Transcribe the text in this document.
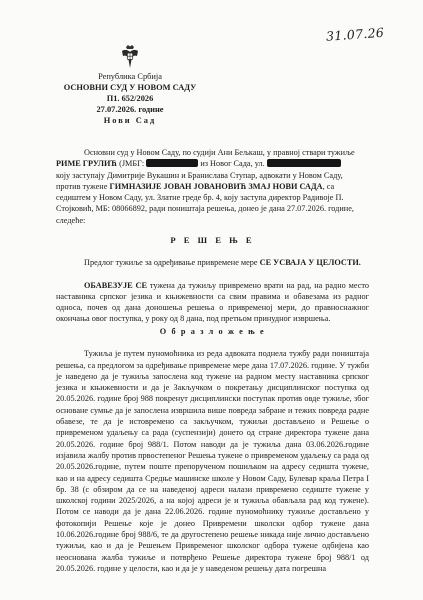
31.07.26
Република Србија
ОСНОВНИ СУД У НОВОМ САДУ
П1. 652/2026
27.07.2026. године
Нови Сад
Основни суд у Новом Саду, по судији Ани Бељкаш, у правној ствари тужиље
РИМЕ ГРУЛИЋ (ЈМБГ:	из Новог Сада, ул.
коју заступају Димитрије Вукашин и Бранислава Ступар, адвокати у Новом Саду,
против тужене ГИМНАЗИЈЕ ЈОВАН ЈОВАНОВИЋ ЗМАЈ НОВИ САДА, са
седиштем у Новом Саду, ул. Златне греде бр. 4, коју заступа директор Радивоје П.
Стојковић, МБ: 08066892, ради поништаја решења, донео је дана 27.07.2026. године,
следеће:
Р Е Ш Е Њ Е
Предлог тужиље за одређивање привремене мере СЕ УСВАЈА У ЦЕЛОСТИ.
ОБАВЕЗУЈЕ СЕ тужена да тужиљу привремено врати на рад, на радно место наставника српског језика и књижевности са свим правима и обавезама из радног односа, почев од дана доношења решења о привременој мери, до правноснажног окончања овог поступка, у року од 8 дана, под претњом принудног извршења.
О б р а з л о ж е њ е
Тужиља је путем пуномоћника из реда адвоката поднела тужбу ради поништаја решења, са предлогом за одређивање привремене мере дана 17.07.2026. године. У тужби је наведено да је тужиља запослена код тужене на радном месту наставника српског језика и књижевности и да је Закључком о покретању дисциплинског поступка од 20.05.2026. године број 988 покренут дисциплински поступак против овде тужиље, због основане сумње да је запослена извршила више повреда забране и тежих повреда радне обавезе, те да је истовремено са закључком, тужиљи достављено и Решење о привременом удаљењу са рада (суспензији) донето од стране директора тужене дана 20.05.2026. године број 988/1. Потом наводи да је тужиља дана 03.06.2026.године изјавила жалбу против првостепеног Решења тужене о привременом удаљењу са рада од 20.05.2026.године, путем поште препорученом пошиљком на адресу седишта тужене, као и на адресу седишта Средње машинске школе у Новом Саду, Булевар краља Петра I бр. 38 (с обзиром да се на наведеној адреси налази привремено седиште тужене у школској години 2025/2026, а на којој адреси је и тужиља обављала рад код тужене). Потом се наводи да је дана 22.06.2026. године пуномоћнику тужиље достављено у фотокопији Решење које је донео Привремени школски одбор тужене дана 10.06.2026.године број 988/6, те да другостепено решење никада није лично достављено тужиљи, као и да је Решењем Привременог школског одбора тужене одбијена као неоснована жалба тужиље и потврђено Решење директора тужене број 988/1 од 20.05.2026. године у целости, као и да је у наведеном решењу дата погрешна
